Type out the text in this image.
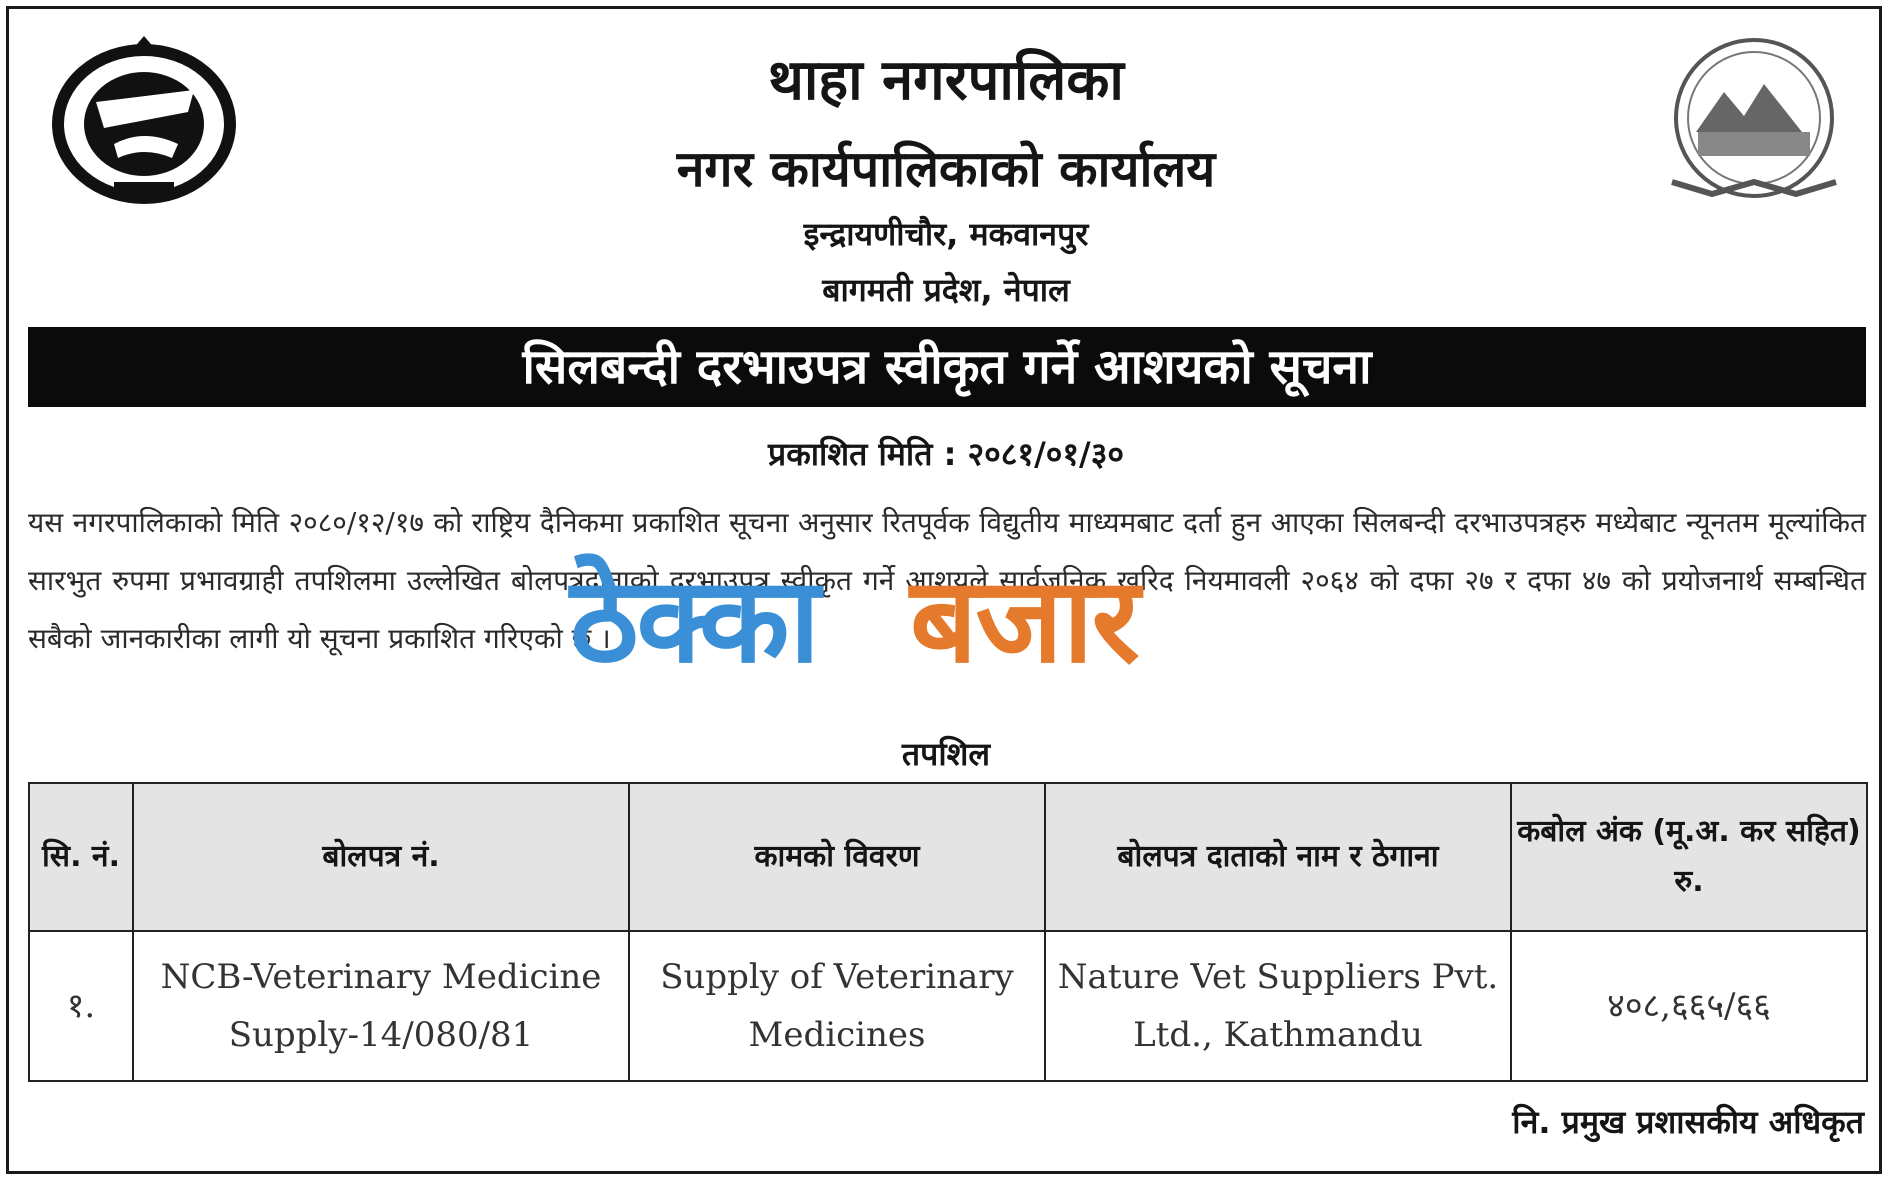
थाहा नगरपालिका
नगर कार्यपालिकाको कार्यालय
इन्द्रायणीचौर, मकवानपुर
बागमती प्रदेश, नेपाल
सिलबन्दी दरभाउपत्र स्वीकृत गर्ने आशयको सूचना
प्रकाशित मिति : २०८१/०१/३०
यस नगरपालिकाको मिति २०८०/१२/१७ को राष्ट्रिय दैनिकमा प्रकाशित सूचना अनुसार रितपूर्वक विद्युतीय माध्यमबाट दर्ता हुन आएका सिलबन्दी दरभाउपत्रहरु मध्येबाट न्यूनतम मूल्यांकित सारभुत रुपमा प्रभावग्राही तपशिलमा उल्लेखित बोलपत्रदाताको दरभाउपत्र स्वीकृत गर्ने आशयले सार्वजनिक खरिद नियमावली २०६४ को दफा २७ र दफा ४७ को प्रयोजनार्थ सम्बन्धित सबैको जानकारीका लागी यो सूचना प्रकाशित गरिएको छ ।
ठेक्का बजार
तपशिल
सि. नं.	बोलपत्र नं.	कामको विवरण	बोलपत्र दाताको नाम र ठेगाना	कबोल अंक (मू.अ. कर सहित) रु.
१.	NCB-Veterinary Medicine Supply-14/080/81	Supply of Veterinary Medicines	Nature Vet Suppliers Pvt. Ltd., Kathmandu	४०८,६६५/६६
नि. प्रमुख प्रशासकीय अधिकृत
